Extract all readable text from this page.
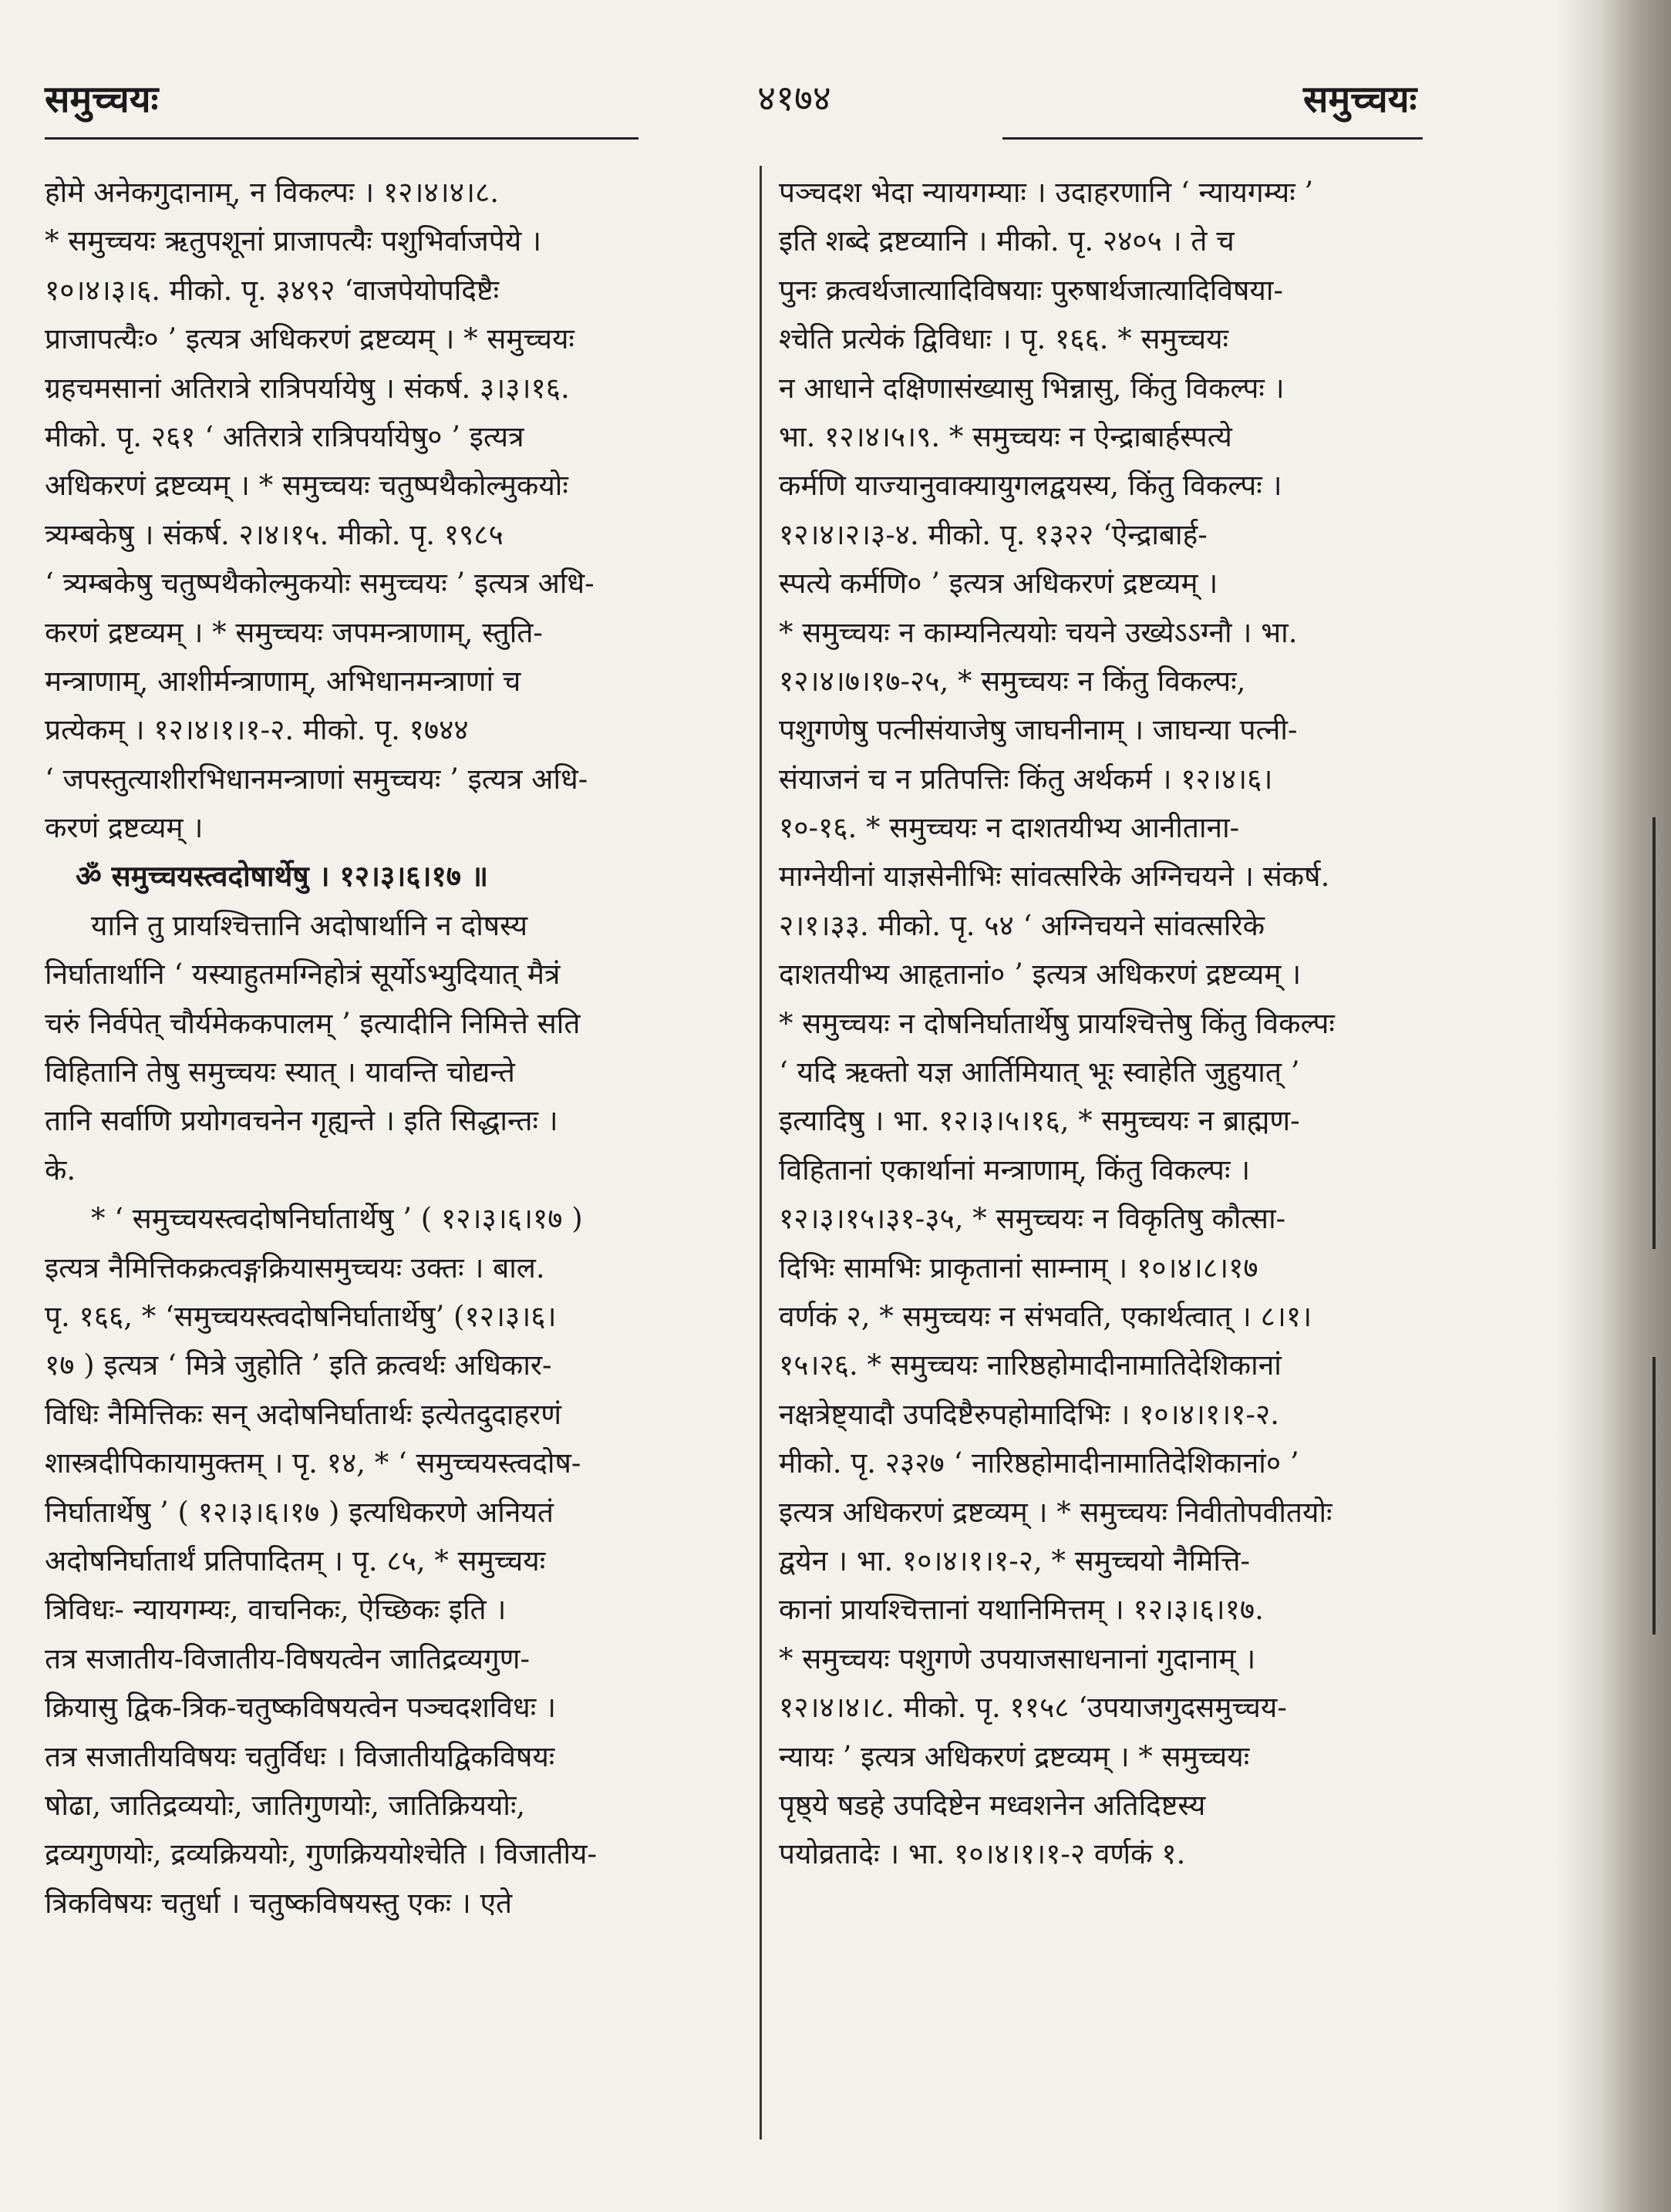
समुच्चयः	४१७४	समुच्चयः
होमे अनेकगुदानाम्, न विकल्पः । १२।४।४।८.
* समुच्चयः ऋतुपशूनां प्राजापत्यैः पशुभिर्वाजपेये ।
१०।४।३।६. मीको. पृ. ३४९२ ‘वाजपेयोपदिष्टैः
प्राजापत्यैः० ’ इत्यत्र अधिकरणं द्रष्टव्यम् । * समुच्चयः
ग्रहचमसानां अतिरात्रे रात्रिपर्यायेषु । संकर्ष. ३।३।१६.
मीको. पृ. २६१ ‘ अतिरात्रे रात्रिपर्यायेषु० ’ इत्यत्र
अधिकरणं द्रष्टव्यम् । * समुच्चयः चतुष्पथैकोल्मुकयोः
त्र्यम्बकेषु । संकर्ष. २।४।१५. मीको. पृ. १९८५
‘ त्र्यम्बकेषु चतुष्पथैकोल्मुकयोः समुच्चयः ’ इत्यत्र अधि-
करणं द्रष्टव्यम् । * समुच्चयः जपमन्त्राणाम्, स्तुति-
मन्त्राणाम्, आशीर्मन्त्राणाम्, अभिधानमन्त्राणां च
प्रत्येकम् । १२।४।१।१-२. मीको. पृ. १७४४
‘ जपस्तुत्याशीरभिधानमन्त्राणां समुच्चयः ’ इत्यत्र अधि-
करणं द्रष्टव्यम् ।
ॐ समुच्चयस्त्वदोषार्थेषु । १२।३।६।१७ ॥
यानि तु प्रायश्चित्तानि अदोषार्थानि न दोषस्य
निर्घातार्थानि ‘ यस्याहुतमग्निहोत्रं सूर्योऽभ्युदियात् मैत्रं
चरुं निर्वपेत् चौर्यमेककपालम् ’ इत्यादीनि निमित्ते सति
विहितानि तेषु समुच्चयः स्यात् । यावन्ति चोद्यन्ते
तानि सर्वाणि प्रयोगवचनेन गृह्यन्ते । इति सिद्धान्तः ।
के.
* ‘ समुच्चयस्त्वदोषनिर्घातार्थेषु ’ ( १२।३।६।१७ )
इत्यत्र नैमित्तिकक्रत्वङ्गक्रियासमुच्चयः उक्तः । बाल.
पृ. १६६, * ‘समुच्चयस्त्वदोषनिर्घातार्थेषु’ (१२।३।६।
१७ ) इत्यत्र ‘ मित्रे जुहोति ’ इति क्रत्वर्थः अधिकार-
विधिः नैमित्तिकः सन् अदोषनिर्घातार्थः इत्येतदुदाहरणं
शास्त्रदीपिकायामुक्तम् । पृ. १४, * ‘ समुच्चयस्त्वदोष-
निर्घातार्थेषु ’ ( १२।३।६।१७ ) इत्यधिकरणे अनियतं
अदोषनिर्घातार्थं प्रतिपादितम् । पृ. ८५, * समुच्चयः
त्रिविधः- न्यायगम्यः, वाचनिकः, ऐच्छिकः इति ।
तत्र सजातीय-विजातीय-विषयत्वेन जातिद्रव्यगुण-
क्रियासु द्विक-त्रिक-चतुष्कविषयत्वेन पञ्चदशविधः ।
तत्र सजातीयविषयः चतुर्विधः । विजातीयद्विकविषयः
षोढा, जातिद्रव्ययोः, जातिगुणयोः, जातिक्रिययोः,
द्रव्यगुणयोः, द्रव्यक्रिययोः, गुणक्रिययोश्चेति । विजातीय-
त्रिकविषयः चतुर्धा । चतुष्कविषयस्तु एकः । एते
पञ्चदश भेदा न्यायगम्याः । उदाहरणानि ‘ न्यायगम्यः ’
इति शब्दे द्रष्टव्यानि । मीको. पृ. २४०५ । ते च
पुनः क्रत्वर्थजात्यादिविषयाः पुरुषार्थजात्यादिविषया-
श्चेति प्रत्येकं द्विविधाः । पृ. १६६. * समुच्चयः
न आधाने दक्षिणासंख्यासु भिन्नासु, किंतु विकल्पः ।
भा. १२।४।५।९. * समुच्चयः न ऐन्द्राबार्हस्पत्ये
कर्मणि याज्यानुवाक्यायुगलद्वयस्य, किंतु विकल्पः ।
१२।४।२।३-४. मीको. पृ. १३२२ ‘ऐन्द्राबार्ह-
स्पत्ये कर्मणि० ’ इत्यत्र अधिकरणं द्रष्टव्यम् ।
* समुच्चयः न काम्यनित्ययोः चयने उख्येऽऽग्नौ । भा.
१२।४।७।१७-२५, * समुच्चयः न किंतु विकल्पः,
पशुगणेषु पत्नीसंयाजेषु जाघनीनाम् । जाघन्या पत्नी-
संयाजनं च न प्रतिपत्तिः किंतु अर्थकर्म । १२।४।६।
१०-१६. * समुच्चयः न दाशतयीभ्य आनीताना-
माग्नेयीनां याज्ञसेनीभिः सांवत्सरिके अग्निचयने । संकर्ष.
२।१।३३. मीको. पृ. ५४ ‘ अग्निचयने सांवत्सरिके
दाशतयीभ्य आहृतानां० ’ इत्यत्र अधिकरणं द्रष्टव्यम् ।
* समुच्चयः न दोषनिर्घातार्थेषु प्रायश्चित्तेषु किंतु विकल्पः
‘ यदि ऋक्तो यज्ञ आर्तिमियात् भूः स्वाहेति जुहुयात् ’
इत्यादिषु । भा. १२।३।५।१६, * समुच्चयः न ब्राह्मण-
विहितानां एकार्थानां मन्त्राणाम्, किंतु विकल्पः ।
१२।३।१५।३१-३५, * समुच्चयः न विकृतिषु कौत्सा-
दिभिः सामभिः प्राकृतानां साम्नाम् । १०।४।८।१७
वर्णकं २, * समुच्चयः न संभवति, एकार्थत्वात् । ८।१।
१५।२६. * समुच्चयः नारिष्ठहोमादीनामातिदेशिकानां
नक्षत्रेष्ट्यादौ उपदिष्टैरुपहोमादिभिः । १०।४।१।१-२.
मीको. पृ. २३२७ ‘ नारिष्ठहोमादीनामातिदेशिकानां० ’
इत्यत्र अधिकरणं द्रष्टव्यम् । * समुच्चयः निवीतोपवीतयोः
द्वयेन । भा. १०।४।१।१-२, * समुच्चयो नैमित्ति-
कानां प्रायश्चित्तानां यथानिमित्तम् । १२।३।६।१७.
* समुच्चयः पशुगणे उपयाजसाधनानां गुदानाम् ।
१२।४।४।८. मीको. पृ. ११५८ ‘उपयाजगुदसमुच्चय-
न्यायः ’ इत्यत्र अधिकरणं द्रष्टव्यम् । * समुच्चयः
पृष्ठ्ये षडहे उपदिष्टेन मध्वशनेन अतिदिष्टस्य
पयोव्रतादेः । भा. १०।४।१।१-२ वर्णकं १.
